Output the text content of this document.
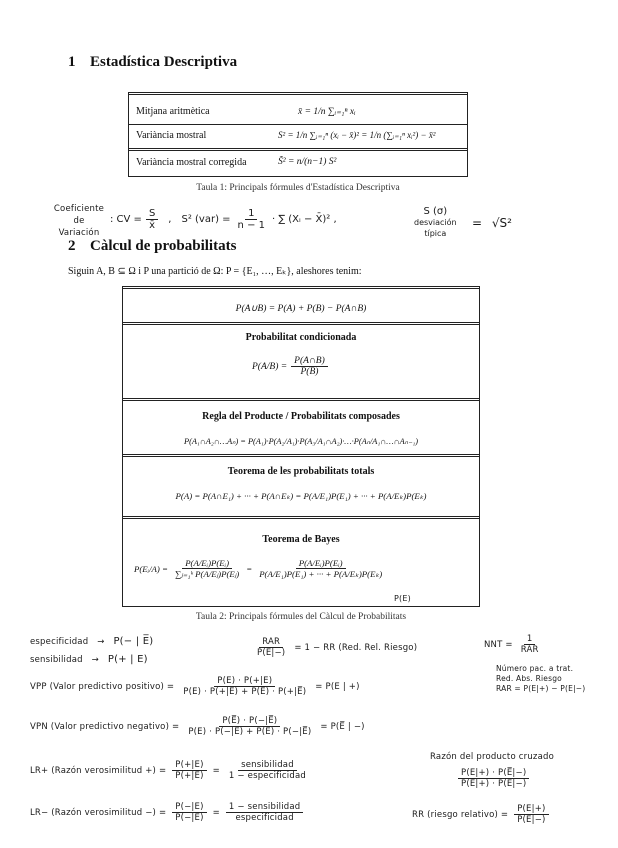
1 Estadística Descriptiva
Mitjana aritmètica	x̄ = 1/n ∑ᵢ₌₁ⁿ xᵢ
Variància mostral	S² = 1/n ∑ᵢ₌₁ⁿ (xᵢ − x̄)² = 1/n (∑ᵢ₌₁ⁿ xᵢ²) − x̄²
Variància mostral corregida	S̃² = n/(n−1) S²
Taula 1: Principals fórmules d'Estadística Descriptiva
Coeficiente de
Variación
: CV = $\frac{S}{x̄}$ , S² $(var) = \frac{1}{n - 1}$ · ∑ (Xᵢ − X̄)² ,
S (σ)
desviación
típica
= √S²
2 Càlcul de probabilitats
Siguin A, B ⊆ Ω i P una partició de Ω: P = {E₁, …, Eₖ}, aleshores tenim:
P(A∪B) = P(A) + P(B) − P(A∩B)
Probabilitat condicionada
$P(A/B) = \frac{P(A\cap B)}{P(B)}$
Regla del Producte / Probabilitats composades
P(A₁∩A₂∩…Aₙ) = P(A₁)·P(A₂/A₁)·P(A₃/A₁∩A₂)·…·P(Aₙ/A₁∩…∩Aₙ₋₁)
Teorema de les probabilitats totals
P(A) = P(A∩E₁) + ··· + P(A∩Eₖ) = P(A/E₁)P(E₁) + ··· + P(A/Eₖ)P(Eₖ)
Teorema de Bayes
P(Eᵢ/A) = $\frac{\text{P(A/Eᵢ)P(Eᵢ)}}{\text{∑ⱼ₌₁ᵏ P(A/Eⱼ)P(Eⱼ)}} = \frac{\text{P(A/Eᵢ)P(Eᵢ)}}{\text{P(A/E₁)P(E₁) + ··· + P(A/Eₖ)P(Eₖ)}}$
P(E)
Taula 2: Principals fórmules del Càlcul de Probabilitats
especificidad → P(− | E̅)
sensibilidad → P(+ | E)
$\frac{\text{RAR}}{P(E|-)} = 1$ − RR (Red. Rel. Riesgo)	NNT = $\frac{1}{\text{RAR}}$
Número pac. a trat.
Red. Abs. Riesgo
RAR = P(E|+) − P(E|−)
VPP (Valor predictivo positivo) = $\frac{P(E) \cdot P(+|E)}{P(E) \cdot P(+|E) + P(E̅) \cdot P(+|E̅)} = P(E$ | +)
VPN (Valor predictivo negativo) = $\frac{P(E̅) \cdot P(-|E̅)}{P(E) \cdot P(-|E) + P(E̅) \cdot P(-|E̅)}$ = P(E̅ | −)
LR+ (Razón verosimilitud +) = $\frac{P(+|E)}{P(+|E̅)} = \frac{\text{sensibilidad}}{\text{1 − especificidad}}$
Razón del producto cruzado
$\frac{P(E|+) \cdot P(E̅|-)}{P(E̅|+) \cdot P(E|-)}$
LR− (Razón verosimilitud −) = $\frac{P(-|E)}{P(-|E̅)} = \frac{\text{1 − sensibilidad}}{\text{especificidad}}$	RR (riesgo relativo) = $\frac{P(E|+)}{P(E|-)}$
